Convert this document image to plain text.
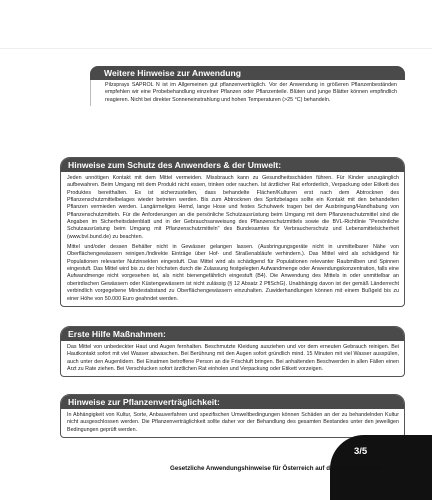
Weitere Hinweise zur Anwendung

Pilzsprays SAPROL N ist im Allgemeinen gut pflanzenverträglich. Vor der Anwendung in größeren Pflanzenbeständen empfehlen wir eine Probebehandlung einzelner Pflanzen oder Pflanzenteile. Blüten und junge Blätter können empfindlich reagieren. Nicht bei direkter Sonneneinstrahlung und hohen Temperaturen (>25 °C) behandeln.

Hinweise zum Schutz des Anwenders & der Umwelt:

Jeden unnötigen Kontakt mit dem Mittel vermeiden. Missbrauch kann zu Gesundheitsschäden führen. Für Kinder unzugänglich aufbewahren. Beim Umgang mit dem Produkt nicht essen, trinken oder rauchen. Ist ärztlicher Rat erforderlich, Verpackung oder Etikett des Produktes bereithalten. Es ist sicherzustellen, dass behandelte Flächen/Kulturen erst nach dem Abtrocknen des Pflanzenschutzmittelbelages wieder betreten werden. Bis zum Abtrocknen des Spritzbelages sollte ein Kontakt mit den behandelten Pflanzen vermieden werden. Langärmeliges Hemd, lange Hose und festes Schuhwerk tragen bei der Ausbringung/Handhabung von Pflanzenschutzmitteln. Für die Anforderungen an die persönliche Schutzausrüstung beim Umgang mit dem Pflanzenschutzmittel sind die Angaben im Sicherheitsdatenblatt und in der Gebrauchsanweisung des Pflanzenschutzmittels sowie die BVL-Richtlinie "Persönliche Schutzausrüstung beim Umgang mit Pflanzenschutzmitteln" des Bundesamtes für Verbraucherschutz und Lebensmittelsicherheit (www.bvl.bund.de) zu beachten.

Mittel und/oder dessen Behälter nicht in Gewässer gelangen lassen. (Ausbringungsgeräte nicht in unmittelbarer Nähe von Oberflächengewässern reinigen./Indirekte Einträge über Hof- und Straßenabläufe verhindern.). Das Mittel wird als schädigend für Populationen relevanter Nutzinsekten eingestuft. Das Mittel wird als schädigend für Populationen relevanter Raubmilben und Spinnen eingestuft. Das Mittel wird bis zu der höchsten durch die Zulassung festgelegten Aufwandmenge oder Anwendungskonzentration, falls eine Aufwandmenge nicht vorgesehen ist, als nicht bienengefährlich eingestuft (B4). Die Anwendung des Mittels in oder unmittelbar an oberirdischen Gewässern oder Küstengewässern ist nicht zulässig (§ 12 Absatz 2 PflSchG). Unabhängig davon ist der gemäß Länderrecht verbindlich vorgegebene Mindestabstand zu Oberflächengewässern einzuhalten. Zuwiderhandlungen können mit einem Bußgeld bis zu einer Höhe von 50.000 Euro geahndet werden.

Erste Hilfe Maßnahmen:

Das Mittel von unbedeckter Haut und Augen fernhalten. Beschmutzte Kleidung ausziehen und vor dem erneuten Gebrauch reinigen. Bei Hautkontakt sofort mit viel Wasser abwaschen. Bei Berührung mit den Augen sofort gründlich mind. 15 Minuten mit viel Wasser ausspülen, auch unter den Augenlidern. Bei Einatmen betroffene Person an die Frischluft bringen. Bei anhaltenden Beschwerden in allen Fällen einen Arzt zu Rate ziehen. Bei Verschlucken sofort ärztlichen Rat einholen und Verpackung oder Etikett vorzeigen.

Hinweise zur Pflanzenverträglichkeit:

In Abhängigkeit von Kultur, Sorte, Anbauverfahren und spezifischen Umweltbedingungen können Schäden an der zu behandelnden Kultur nicht ausgeschlossen werden. Die Pflanzenverträglichkeit sollte daher vor der Behandlung des gesamten Bestandes unter den jeweiligen Bedingungen geprüft werden.

3/5
Gesetzliche Anwendungshinweise für Österreich auf der nächsten Seite
